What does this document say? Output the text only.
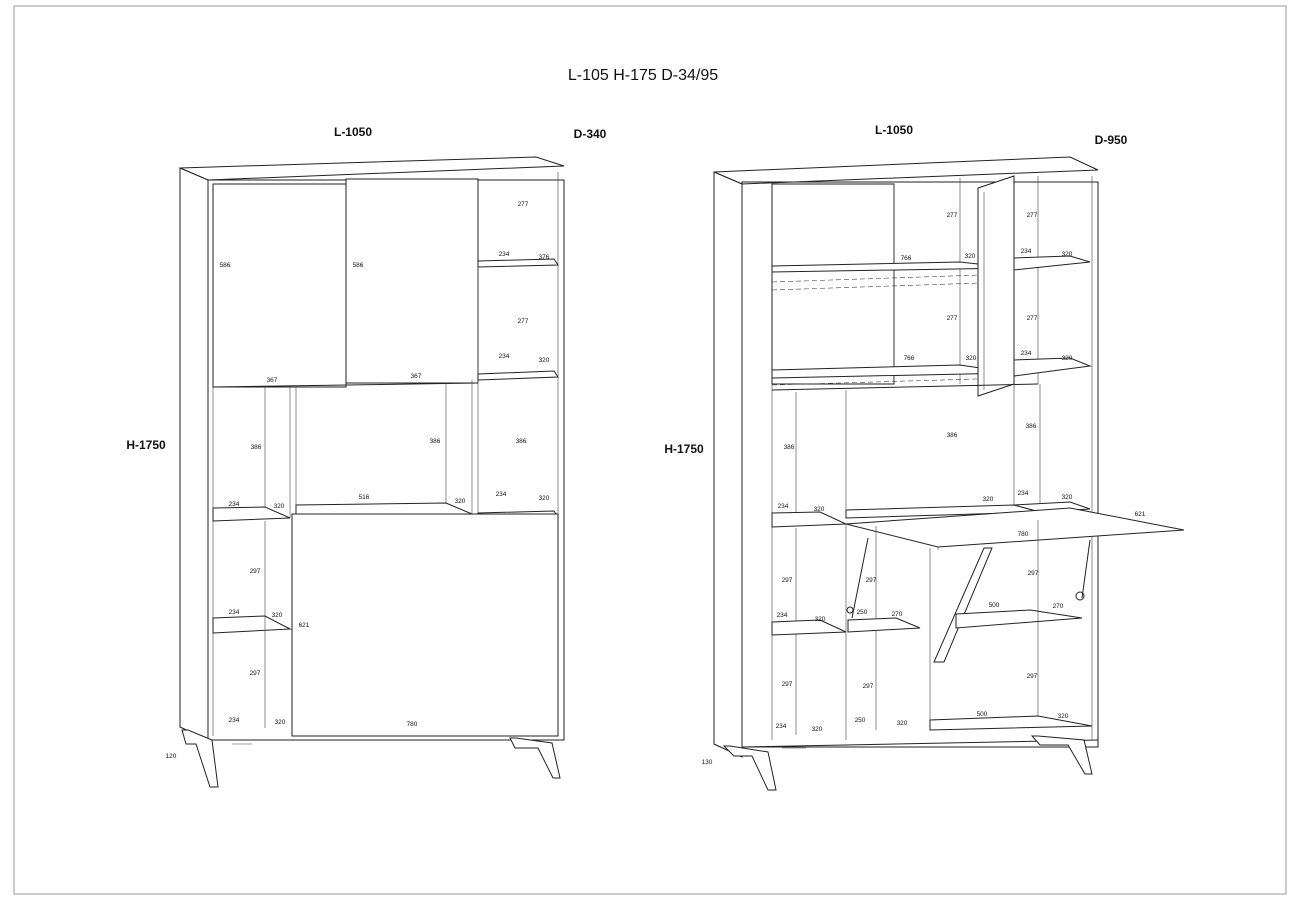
L-105 H-175 D-34/95
L-1050	D-340
H-1750
120
586	586
367
367
277
234	376
277
234
320
386
234
320
386
234	320
386
516
320
297
234	320
297
234	320
621
780
L-1050
D-950
H-1750
130
277
766	320
277
766	320
277
234	320
277
234
320
386
234	320
386
320
386
234
320
780
621
297
234
320
297
234	320
297
250	270
297
250	320
500	270
297
500	320
297
